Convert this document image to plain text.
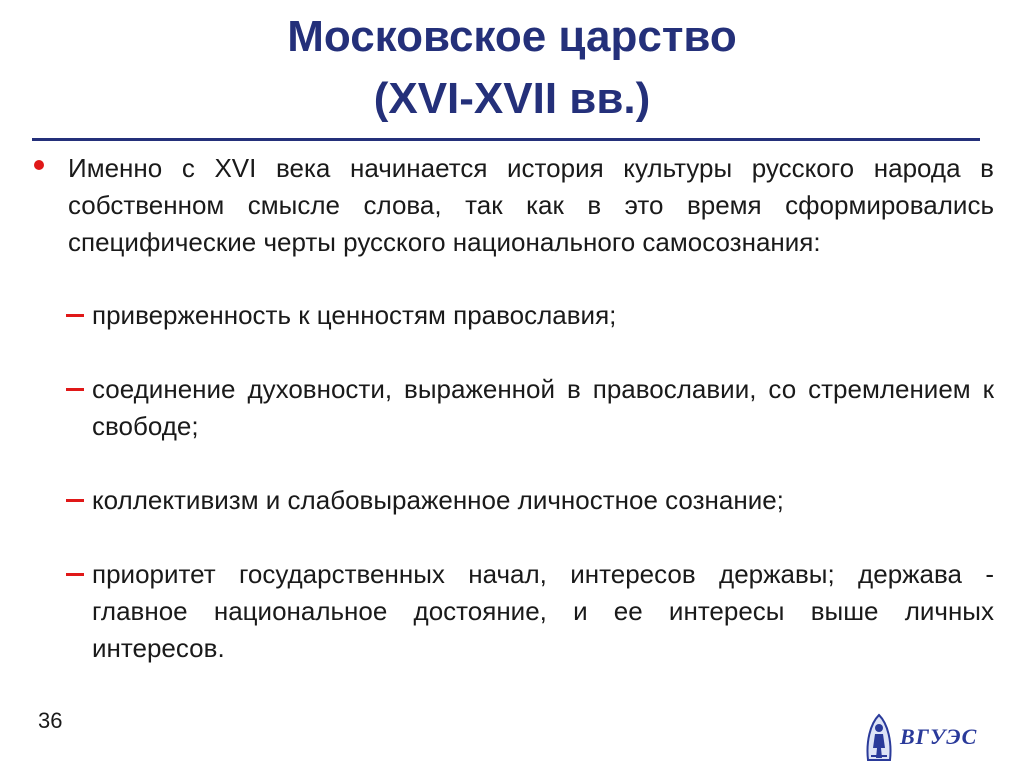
Московское царство
(XVI-XVII вв.)
Именно с XVI века начинается история культуры русского народа в собственном смысле слова, так как в это время сформировались специфические черты русского национального самосознания:
приверженность к ценностям православия;
соединение духовности, выраженной в православии, со стремлением к свободе;
коллективизм и слабовыраженное личностное сознание;
приоритет государственных начал, интересов державы; держава - главное национальное достояние, и ее интересы выше личных интересов.
36
ВГУЭС
